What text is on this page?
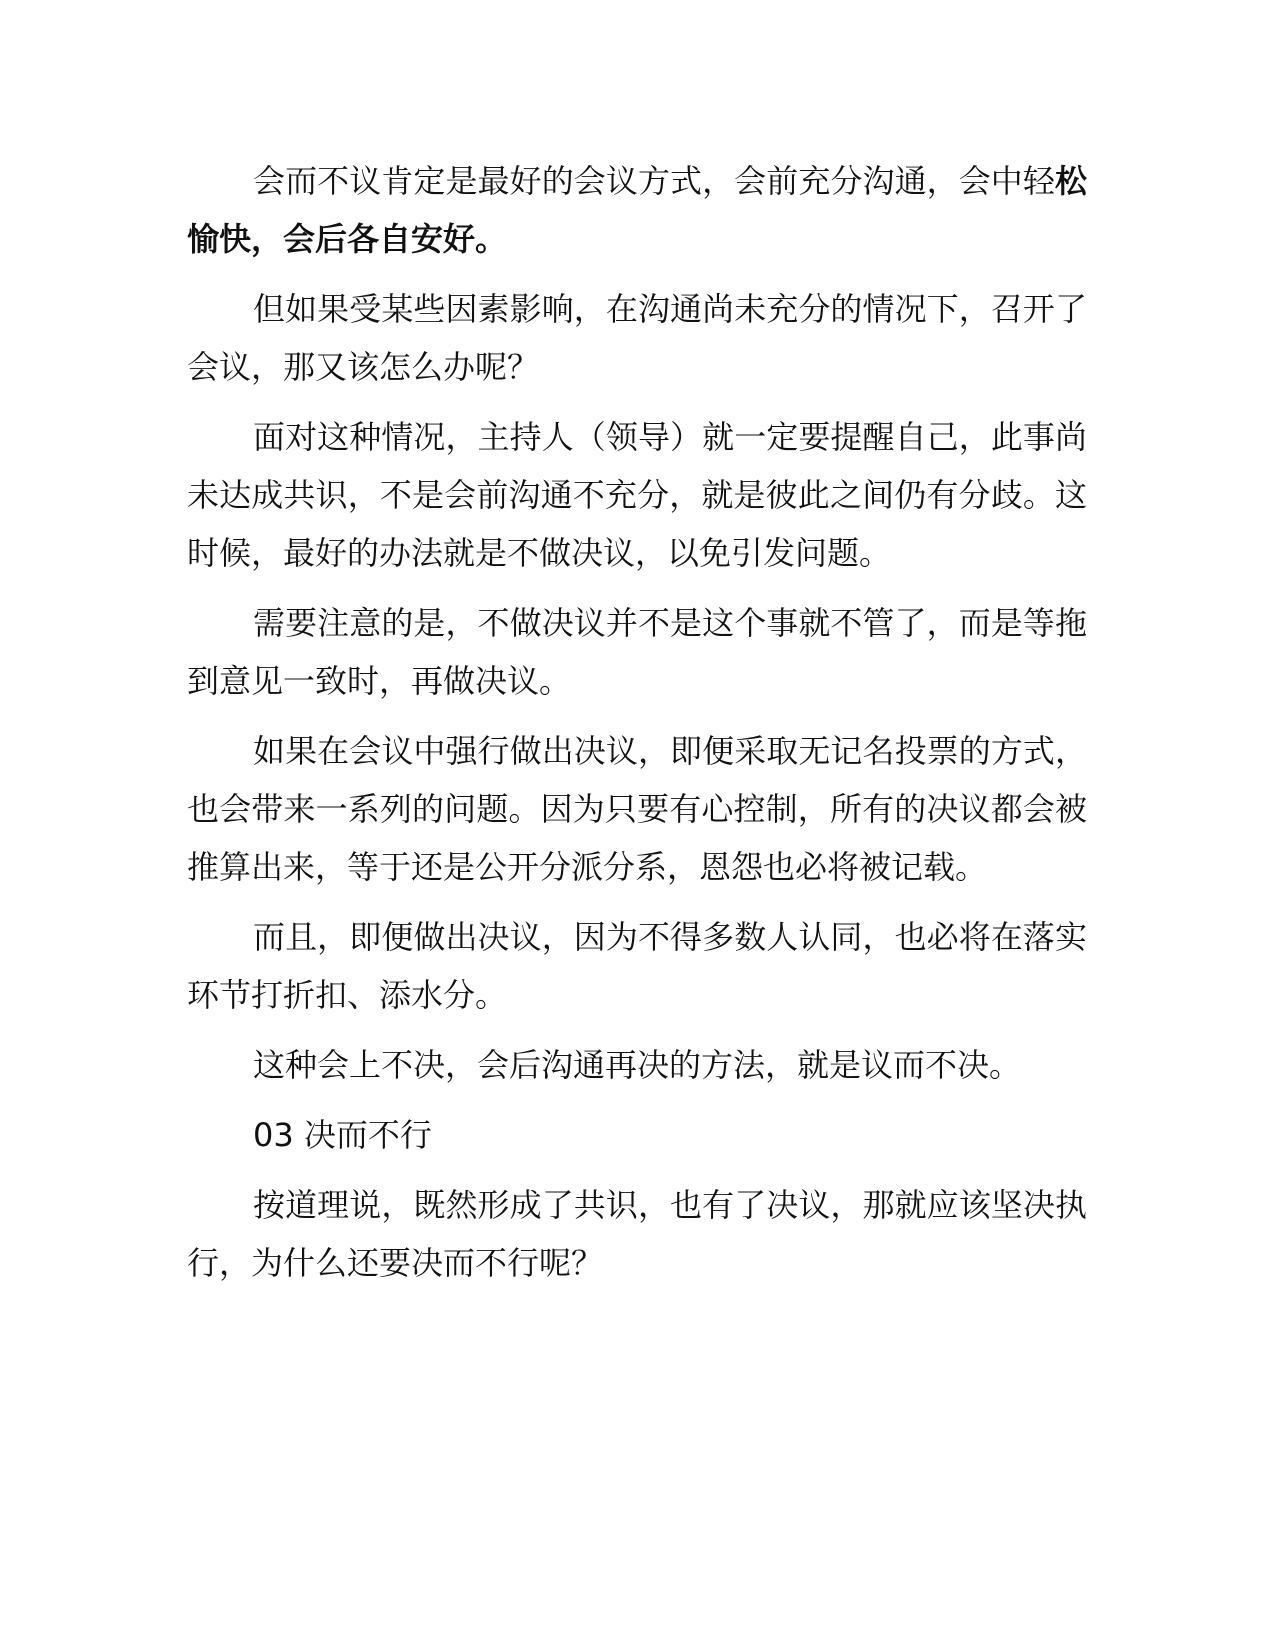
会而不议肯定是最好的会议方式，会前充分沟通，会中轻松愉快，会后各自安好。

但如果受某些因素影响，在沟通尚未充分的情况下，召开了会议，那又该怎么办呢？

面对这种情况，主持人（领导）就一定要提醒自己，此事尚未达成共识，不是会前沟通不充分，就是彼此之间仍有分歧。这时候，最好的办法就是不做决议，以免引发问题。

需要注意的是，不做决议并不是这个事就不管了，而是等拖到意见一致时，再做决议。

如果在会议中强行做出决议，即便采取无记名投票的方式，也会带来一系列的问题。因为只要有心控制，所有的决议都会被推算出来，等于还是公开分派分系，恩怨也必将被记载。

而且，即便做出决议，因为不得多数人认同，也必将在落实环节打折扣、添水分。

这种会上不决，会后沟通再决的方法，就是议而不决。

03 决而不行

按道理说，既然形成了共识，也有了决议，那就应该坚决执行，为什么还要决而不行呢？
